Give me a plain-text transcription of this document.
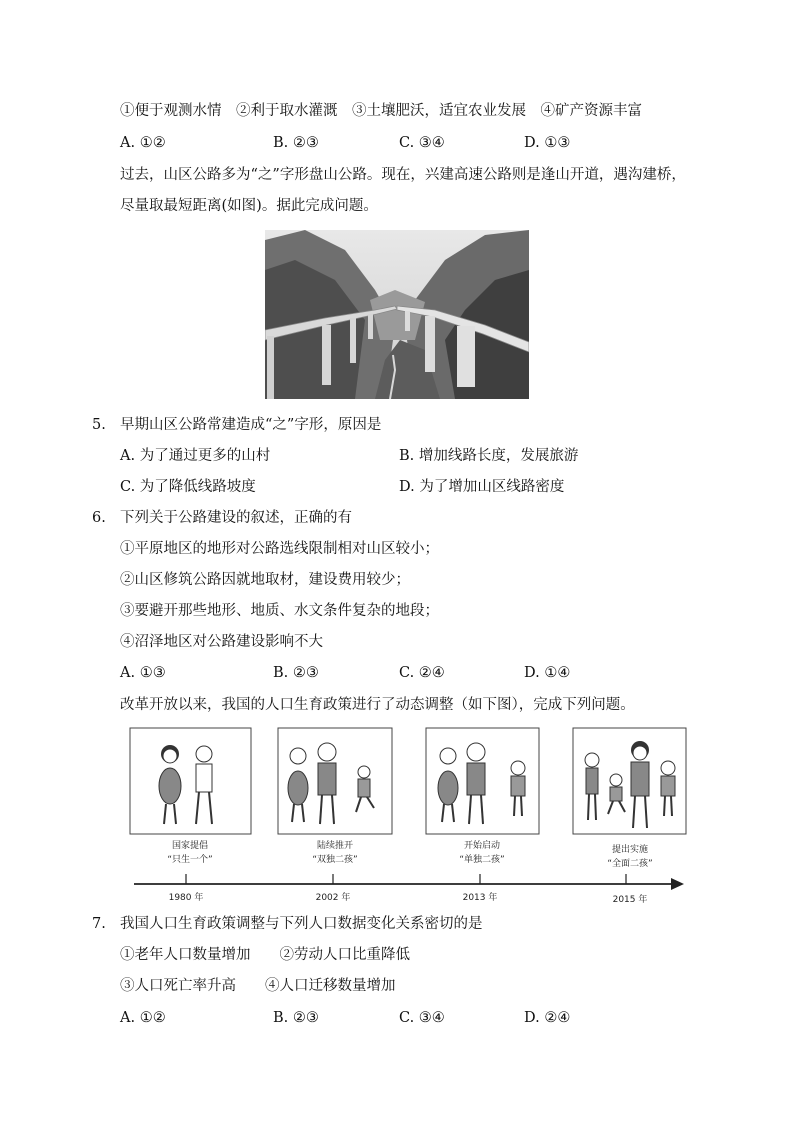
①便于观测水情　②利于取水灌溉　③土壤肥沃，适宜农业发展　④矿产资源丰富
A. ①②	B. ②③	C. ③④	D. ①③
过去，山区公路多为“之”字形盘山公路。现在，兴建高速公路则是逢山开道，遇沟建桥，
尽量取最短距离(如图)。据此完成问题。
5. 早期山区公路常建造成“之”字形，原因是
A. 为了通过更多的山村	B. 增加线路长度，发展旅游
C. 为了降低线路坡度	D. 为了增加山区线路密度
6. 下列关于公路建设的叙述，正确的有
①平原地区的地形对公路选线限制相对山区较小；
②山区修筑公路因就地取材，建设费用较少；
③要避开那些地形、地质、水文条件复杂的地段；
④沼泽地区对公路建设影响不大
A. ①③	B. ②③	C. ②④	D. ①④
改革开放以来，我国的人口生育政策进行了动态调整（如下图），完成下列问题。
国家提倡
“只生一个”
陆续推开
“双独二孩”
开始启动
“单独二孩”
提出实施
“全面二孩”
1980 年	2002 年	2013 年	2015 年
7. 我国人口生育政策调整与下列人口数据变化关系密切的是
①老年人口数量增加　　②劳动人口比重降低
③人口死亡率升高　　④人口迁移数量增加
A. ①②	B. ②③	C. ③④	D. ②④
